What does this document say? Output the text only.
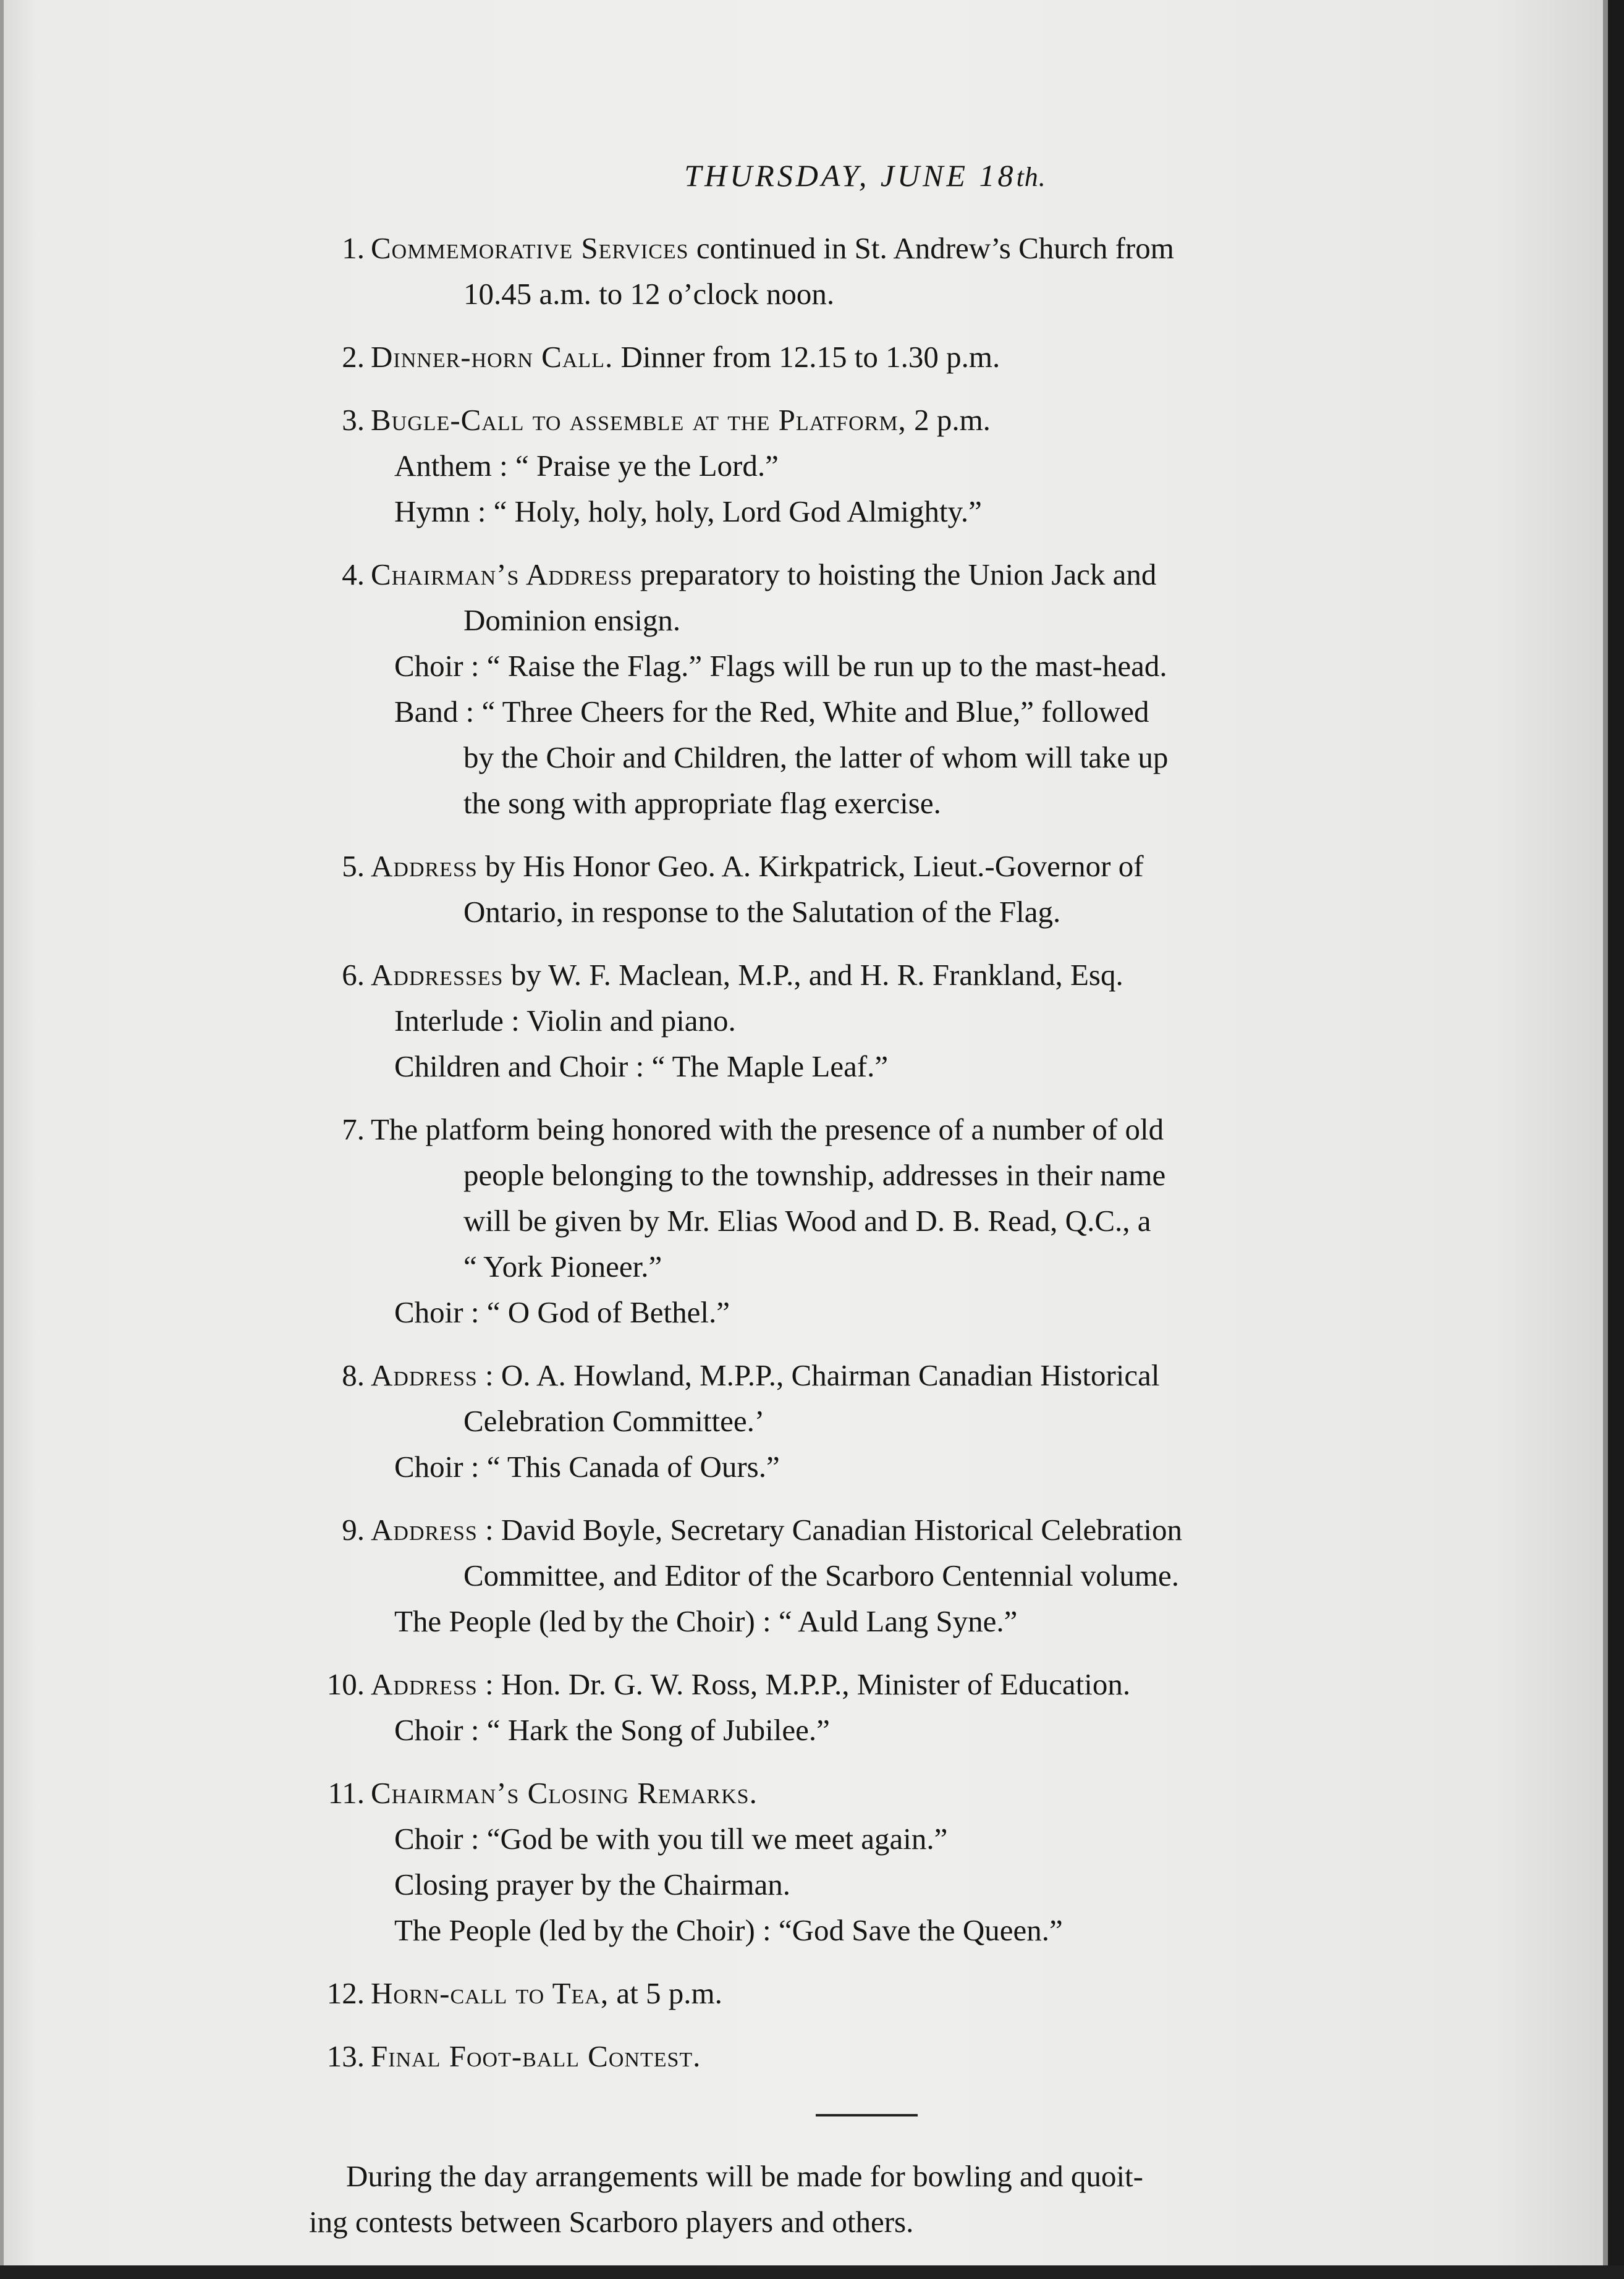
THURSDAY, JUNE 18th.
1. Commemorative Services continued in St. Andrew’s Church from
10.45 a.m. to 12 o’clock noon.
2. Dinner-horn Call. Dinner from 12.15 to 1.30 p.m.
3. Bugle-Call to assemble at the Platform, 2 p.m.
Anthem : “ Praise ye the Lord.”
Hymn : “ Holy, holy, holy, Lord God Almighty.”
4. Chairman’s Address preparatory to hoisting the Union Jack and
Dominion ensign.
Choir : “ Raise the Flag.” Flags will be run up to the mast-head.
Band : “ Three Cheers for the Red, White and Blue,” followed
by the Choir and Children, the latter of whom will take up
the song with appropriate flag exercise.
5. Address by His Honor Geo. A. Kirkpatrick, Lieut.-Governor of
Ontario, in response to the Salutation of the Flag.
6. Addresses by W. F. Maclean, M.P., and H. R. Frankland, Esq.
Interlude : Violin and piano.
Children and Choir : “ The Maple Leaf.”
7. The platform being honored with the presence of a number of old
people belonging to the township, addresses in their name
will be given by Mr. Elias Wood and D. B. Read, Q.C., a
“ York Pioneer.”
Choir : “ O God of Bethel.”
8. Address : O. A. Howland, M.P.P., Chairman Canadian Historical
Celebration Committee.’
Choir : “ This Canada of Ours.”
9. Address : David Boyle, Secretary Canadian Historical Celebration
Committee, and Editor of the Scarboro Centennial volume.
The People (led by the Choir) : “ Auld Lang Syne.”
10. Address : Hon. Dr. G. W. Ross, M.P.P., Minister of Education.
Choir : “ Hark the Song of Jubilee.”
11. Chairman’s Closing Remarks.
Choir : “God be with you till we meet again.”
Closing prayer by the Chairman.
The People (led by the Choir) : “God Save the Queen.”
12. Horn-call to Tea, at 5 p.m.
13. Final Foot-ball Contest.
During the day arrangements will be made for bowling and quoit-
ing contests between Scarboro players and others.
